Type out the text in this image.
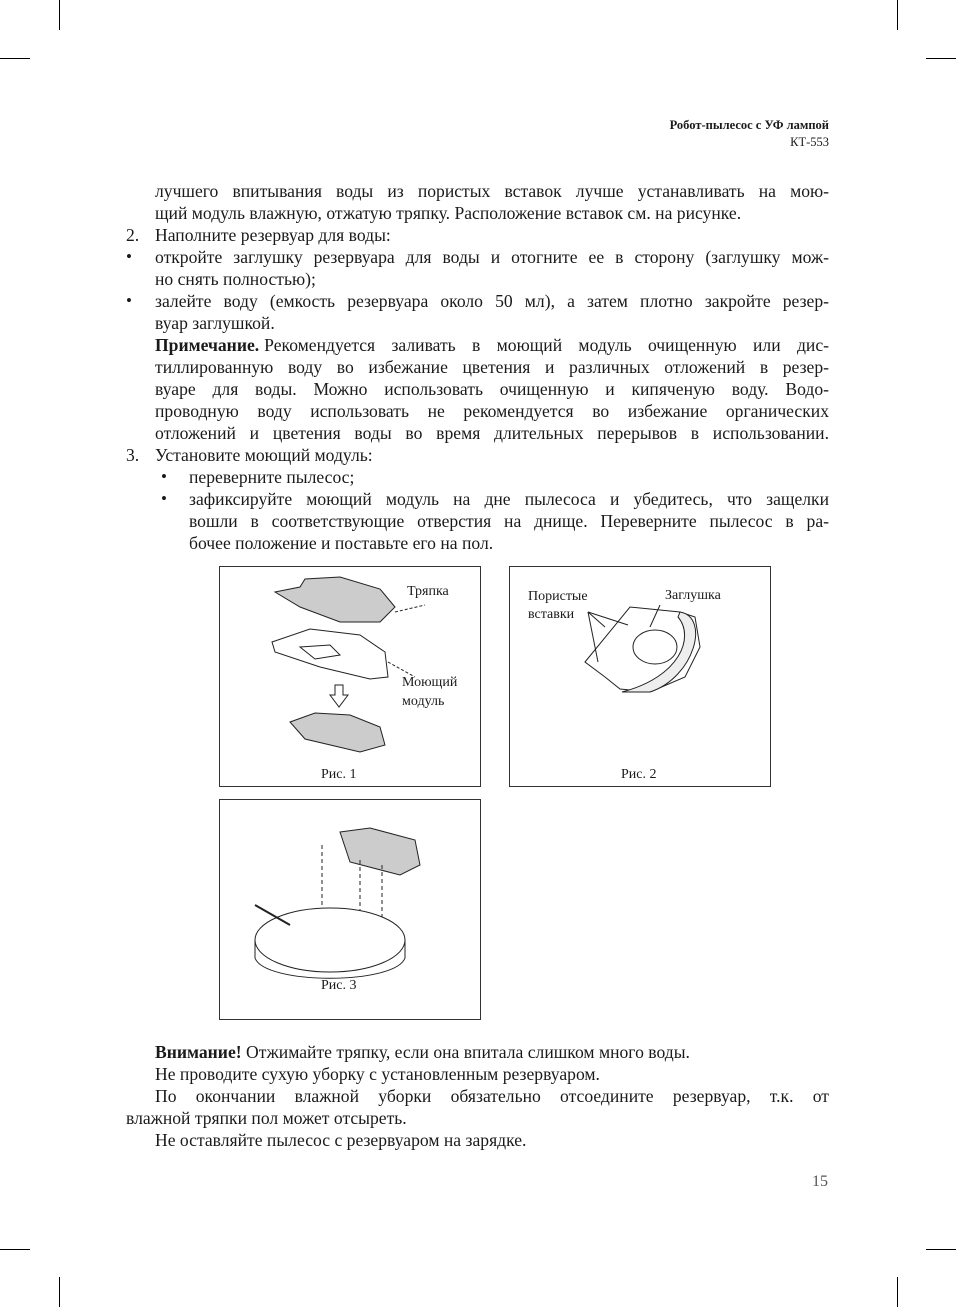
Робот-пылесос с УФ лампой
КТ-553
лучшего впитывания воды из пористых вставок лучше устанавливать на мою-
щий модуль влажную, отжатую тряпку. Расположение вставок см. на рисунке.
2. Наполните резервуар для воды:
• откройте заглушку резервуара для воды и отогните ее в сторону (заглушку мож-
но снять полностью);
• залейте воду (емкость резервуара около 50 мл), а затем плотно закройте резер-
вуар заглушкой.
Примечание. Рекомендуется заливать в моющий модуль очищенную или дис-
тиллированную воду во избежание цветения и различных отложений в резер-
вуаре для воды. Можно использовать очищенную и кипяченую воду. Водо-
проводную воду использовать не рекомендуется во избежание органических
отложений и цветения воды во время длительных перерывов в использовании.
3. Установите моющий модуль:
• переверните пылесос;
• зафиксируйте моющий модуль на дне пылесоса и убедитесь, что защелки
вошли в соответствующие отверстия на днище. Переверните пылесос в ра-
бочее положение и поставьте его на пол.
Тряпка
Моющий
модуль
Рис. 1
Пористые
вставки
Заглушка
Рис. 2
Рис. 3
Внимание! Отжимайте тряпку, если она впитала слишком много воды.
Не проводите сухую уборку с установленным резервуаром.
По окончании влажной уборки обязательно отсоедините резервуар, т.к. от
влажной тряпки пол может отсыреть.
Не оставляйте пылесос с резервуаром на зарядке.
15
